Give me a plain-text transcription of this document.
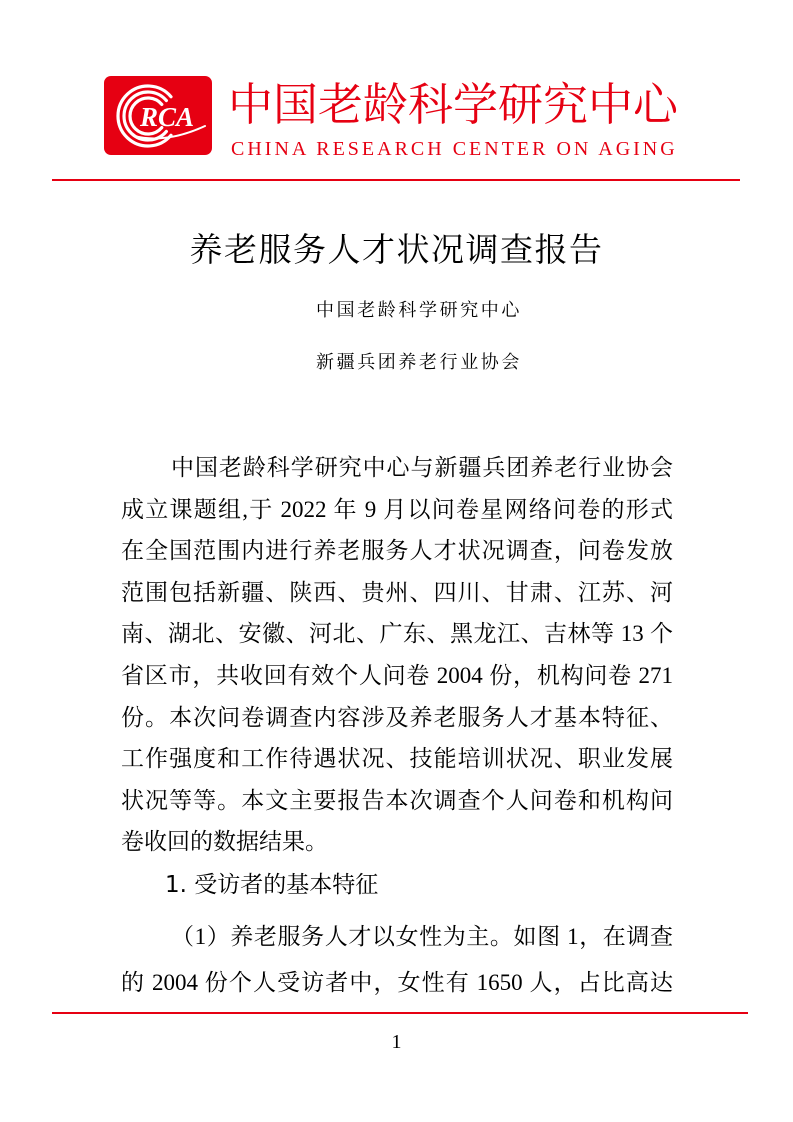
RCA 中国老龄科学研究中心
CHINA RESEARCH CENTER ON AGING
养老服务人才状况调查报告
中国老龄科学研究中心
新疆兵团养老行业协会
中国老龄科学研究中心与新疆兵团养老行业协会
成立课题组,于 2022 年 9 月以问卷星网络问卷的形式
在全国范围内进行养老服务人才状况调查，问卷发放
范围包括新疆、陕西、贵州、四川、甘肃、江苏、河
南、湖北、安徽、河北、广东、黑龙江、吉林等 13 个
省区市，共收回有效个人问卷 2004 份，机构问卷 271
份。本次问卷调查内容涉及养老服务人才基本特征、
工作强度和工作待遇状况、技能培训状况、职业发展
状况等等。本文主要报告本次调查个人问卷和机构问
卷收回的数据结果。
1. 受访者的基本特征
（1）养老服务人才以女性为主。如图 1，在调查
的 2004 份个人受访者中，女性有 1650 人，占比高达
1
